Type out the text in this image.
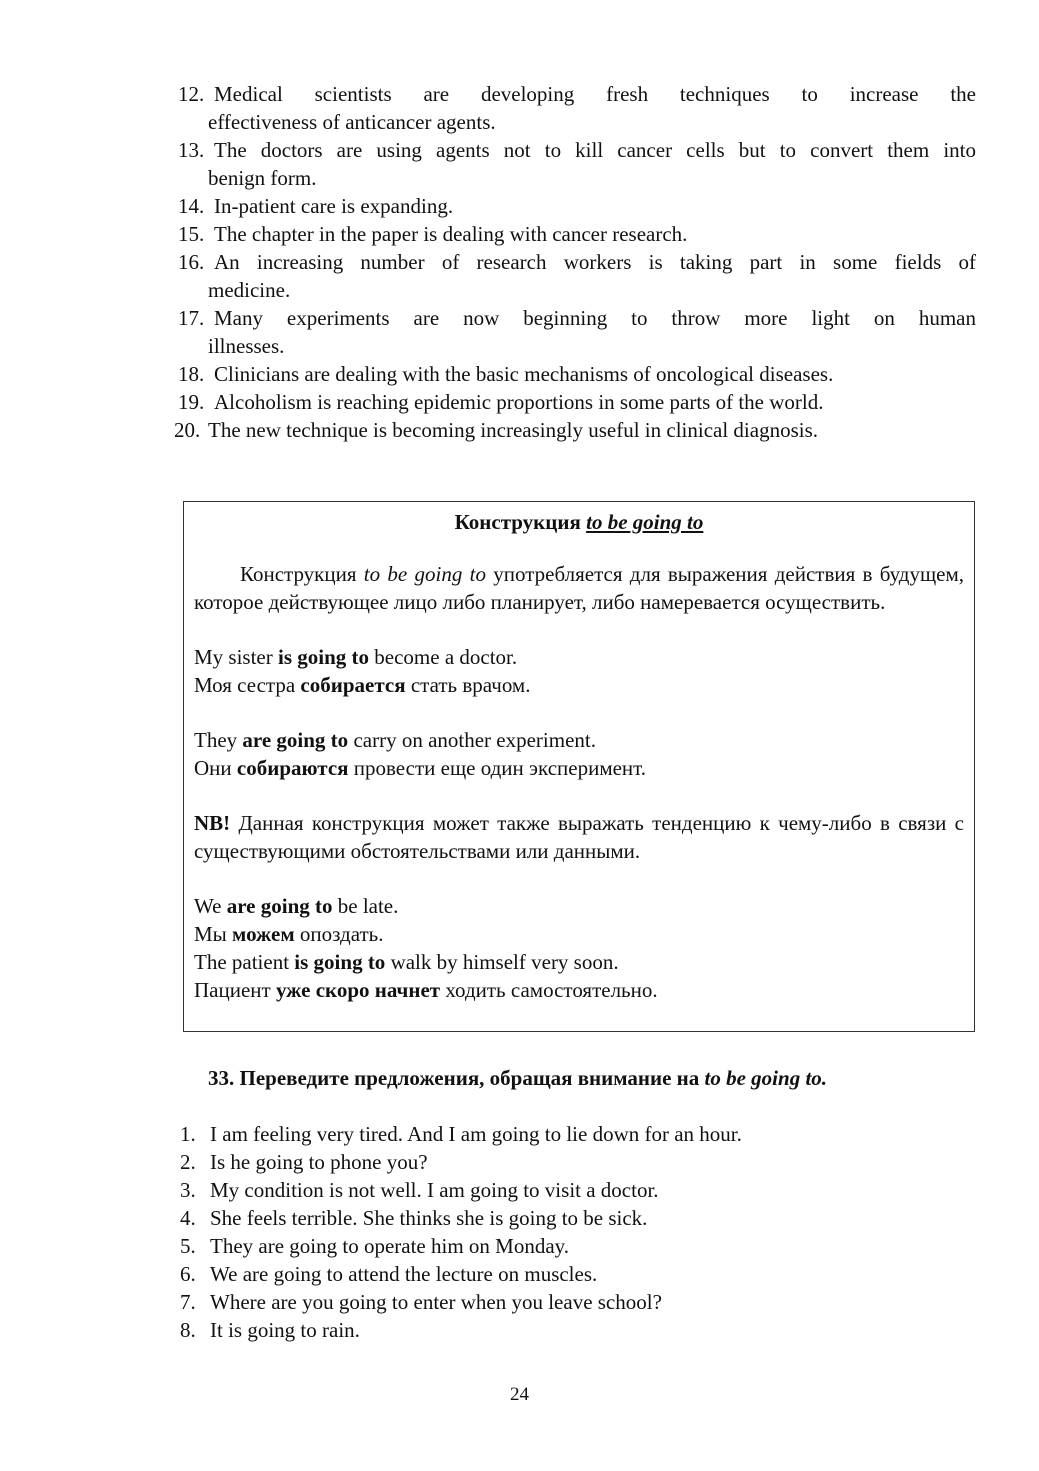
12. Medical scientists are developing fresh techniques to increase the
effectiveness of anticancer agents.
13. The doctors are using agents not to kill cancer cells but to convert them into
benign form.
14. In-patient care is expanding.
15. The chapter in the paper is dealing with cancer research.
16. An increasing number of research workers is taking part in some fields of
medicine.
17. Many experiments are now beginning to throw more light on human
illnesses.
18. Clinicians are dealing with the basic mechanisms of oncological diseases.
19. Alcoholism is reaching epidemic proportions in some parts of the world.
20. The new technique is becoming increasingly useful in clinical diagnosis.
Конструкция to be going to
Конструкция to be going to употребляется для выражения действия в будущем, которое действующее лицо либо планирует, либо намеревается осуществить.
My sister is going to become a doctor.
Моя сестра собирается стать врачом.
They are going to carry on another experiment.
Они собираются провести еще один эксперимент.
NB! Данная конструкция может также выражать тенденцию к чему-либо в связи с существующими обстоятельствами или данными.
We are going to be late.
Мы можем опоздать.
The patient is going to walk by himself very soon.
Пациент уже скоро начнет ходить самостоятельно.
33. Переведите предложения, обращая внимание на to be going to.
1. I am feeling very tired. And I am going to lie down for an hour.
2. Is he going to phone you?
3. My condition is not well. I am going to visit a doctor.
4. She feels terrible. She thinks she is going to be sick.
5. They are going to operate him on Monday.
6. We are going to attend the lecture on muscles.
7. Where are you going to enter when you leave school?
8. It is going to rain.
24
